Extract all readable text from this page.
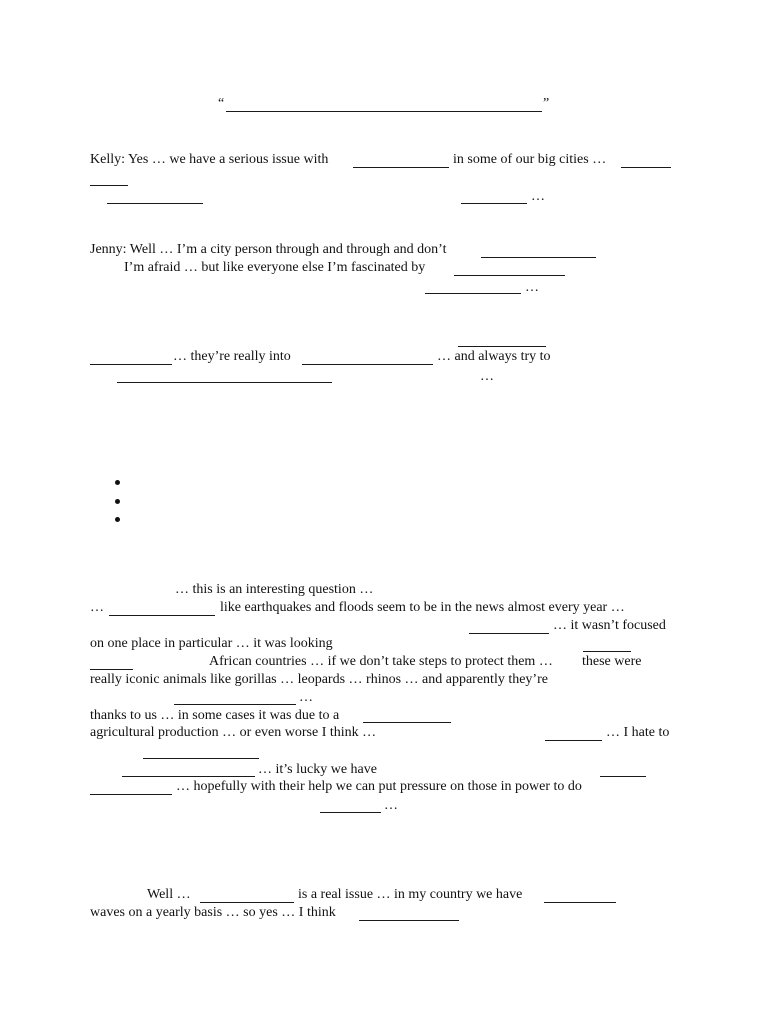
“	”
Kelly: Yes … we have a serious issue with	in some of our big cities …
…
Jenny: Well … I’m a city person through and through and don’t
I’m afraid … but like everyone else I’m fascinated by
…
… they’re really into	… and always try to
…
… this is an interesting question …
…	like earthquakes and floods seem to be in the news almost every year …
… it wasn’t focused
on one place in particular … it was looking
African countries … if we don’t take steps to protect them … these were
really iconic animals like gorillas … leopards … rhinos … and apparently they’re
…
thanks to us … in some cases it was due to a
agricultural production … or even worse I think …	… I hate to
… it’s lucky we have
… hopefully with their help we can put pressure on those in power to do
…
Well …	is a real issue … in my country we have
waves on a yearly basis … so yes … I think
